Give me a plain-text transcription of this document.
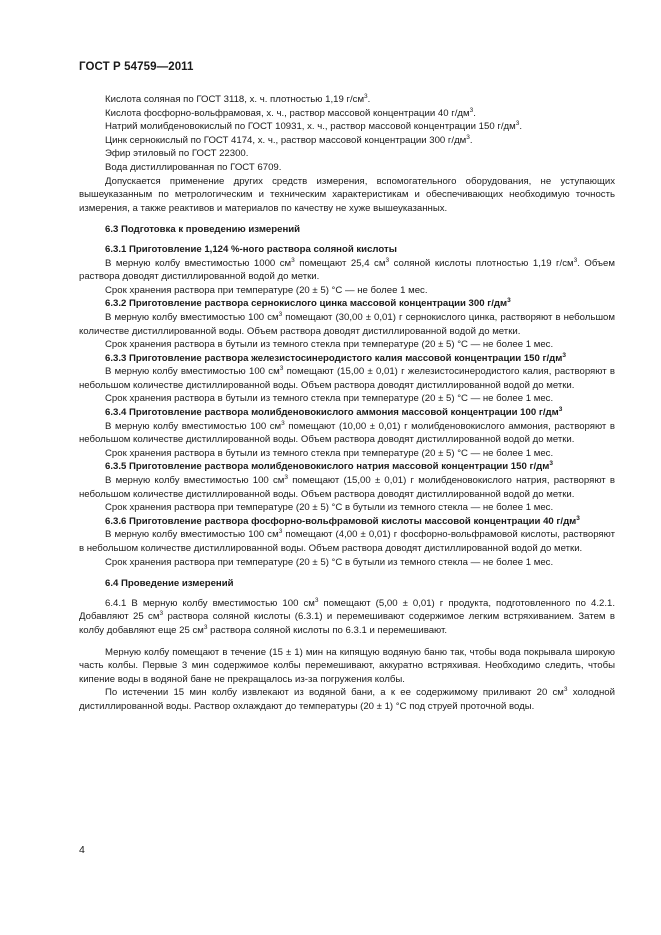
ГОСТ Р 54759—2011

Кислота соляная по ГОСТ 3118, х. ч. плотностью 1,19 $г/см^3$.

Кислота фосфорно-вольфрамовая, х. ч., раствор массовой концентрации 40 $г/дм^3$.

Натрий молибденовокислый по ГОСТ 10931, х. ч., раствор массовой концентрации 150 $г/дм^3$.

Цинк сернокислый по ГОСТ 4174, х. ч., раствор массовой концентрации 300 $г/дм^3$.

Эфир этиловый по ГОСТ 22300.

Вода дистиллированная по ГОСТ 6709.

Допускается применение других средств измерения, вспомогательного оборудования, не уступающих вышеуказанным по метрологическим и техническим характеристикам и обеспечивающих необходимую точность измерения, а также реактивов и материалов по качеству не хуже вышеуказанных.

6.3 Подготовка к проведению измерений

6.3.1 Приготовление 1,124 %-ного раствора соляной кислоты

В мерную колбу вместимостью 1000 $см^3$ помещают 25,4 $см^3$ соляной кислоты плотностью 1,19 $г/см^3$. Объем раствора доводят дистиллированной водой до метки.

Срок хранения раствора при температуре (20 ± 5) °С — не более 1 мес.

6.3.2 Приготовление раствора сернокислого цинка массовой концентрации 300 $г/дм^3$

В мерную колбу вместимостью 100 $см^3$ помещают (30,00 ± 0,01) г сернокислого цинка, растворяют в небольшом количестве дистиллированной воды. Объем раствора доводят дистиллированной водой до метки.

Срок хранения раствора в бутыли из темного стекла при температуре (20 ± 5) °С — не более 1 мес.

6.3.3 Приготовление раствора железистосинеродистого калия массовой концентрации 150 $г/дм^3$

В мерную колбу вместимостью 100 $см^3$ помещают (15,00 ± 0,01) г железистосинеродистого калия, растворяют в небольшом количестве дистиллированной воды. Объем раствора доводят дистиллированной водой до метки.

Срок хранения раствора в бутыли из темного стекла при температуре (20 ± 5) °С — не более 1 мес.

6.3.4 Приготовление раствора молибденовокислого аммония массовой концентрации 100 $г/дм^3$

В мерную колбу вместимостью 100 $см^3$ помещают (10,00 ± 0,01) г молибденовокислого аммония, растворяют в небольшом количестве дистиллированной воды. Объем раствора доводят дистиллированной водой до метки.

Срок хранения раствора в бутыли из темного стекла при температуре (20 ± 5) °С — не более 1 мес.

6.3.5 Приготовление раствора молибденовокислого натрия массовой концентрации 150 $г/дм^3$

В мерную колбу вместимостью 100 $см^3$ помещают (15,00 ± 0,01) г молибденовокислого натрия, растворяют в небольшом количестве дистиллированной воды. Объем раствора доводят дистиллированной водой до метки.

Срок хранения раствора при температуре (20 ± 5) °С в бутыли из темного стекла — не более 1 мес.

6.3.6 Приготовление раствора фосфорно-вольфрамовой кислоты массовой концентрации 40 $г/дм^3$

В мерную колбу вместимостью 100 $см^3$ помещают (4,00 ± 0,01) г фосфорно-вольфрамовой кислоты, растворяют в небольшом количестве дистиллированной воды. Объем раствора доводят дистиллированной водой до метки.

Срок хранения раствора при температуре (20 ± 5) °С в бутыли из темного стекла — не более 1 мес.

6.4 Проведение измерений

6.4.1 В мерную колбу вместимостью 100 $см^3$ помещают (5,00 ± 0,01) г продукта, подготовленного по 4.2.1. Добавляют 25 $см^3$ раствора соляной кислоты (6.3.1) и перемешивают содержимое легким встряхиванием. Затем в колбу добавляют еще 25 $см^3$ раствора соляной кислоты по 6.3.1 и перемешивают.

Мерную колбу помещают в течение (15 ± 1) мин на кипящую водяную баню так, чтобы вода покрывала широкую часть колбы. Первые 3 мин содержимое колбы перемешивают, аккуратно встряхивая. Необходимо следить, чтобы кипение воды в водяной бане не прекращалось из-за погружения колбы.

По истечении 15 мин колбу извлекают из водяной бани, а к ее содержимому приливают 20 $см^3$ холодной дистиллированной воды. Раствор охлаждают до температуры (20 ± 1) °С под струей проточной воды.

4
